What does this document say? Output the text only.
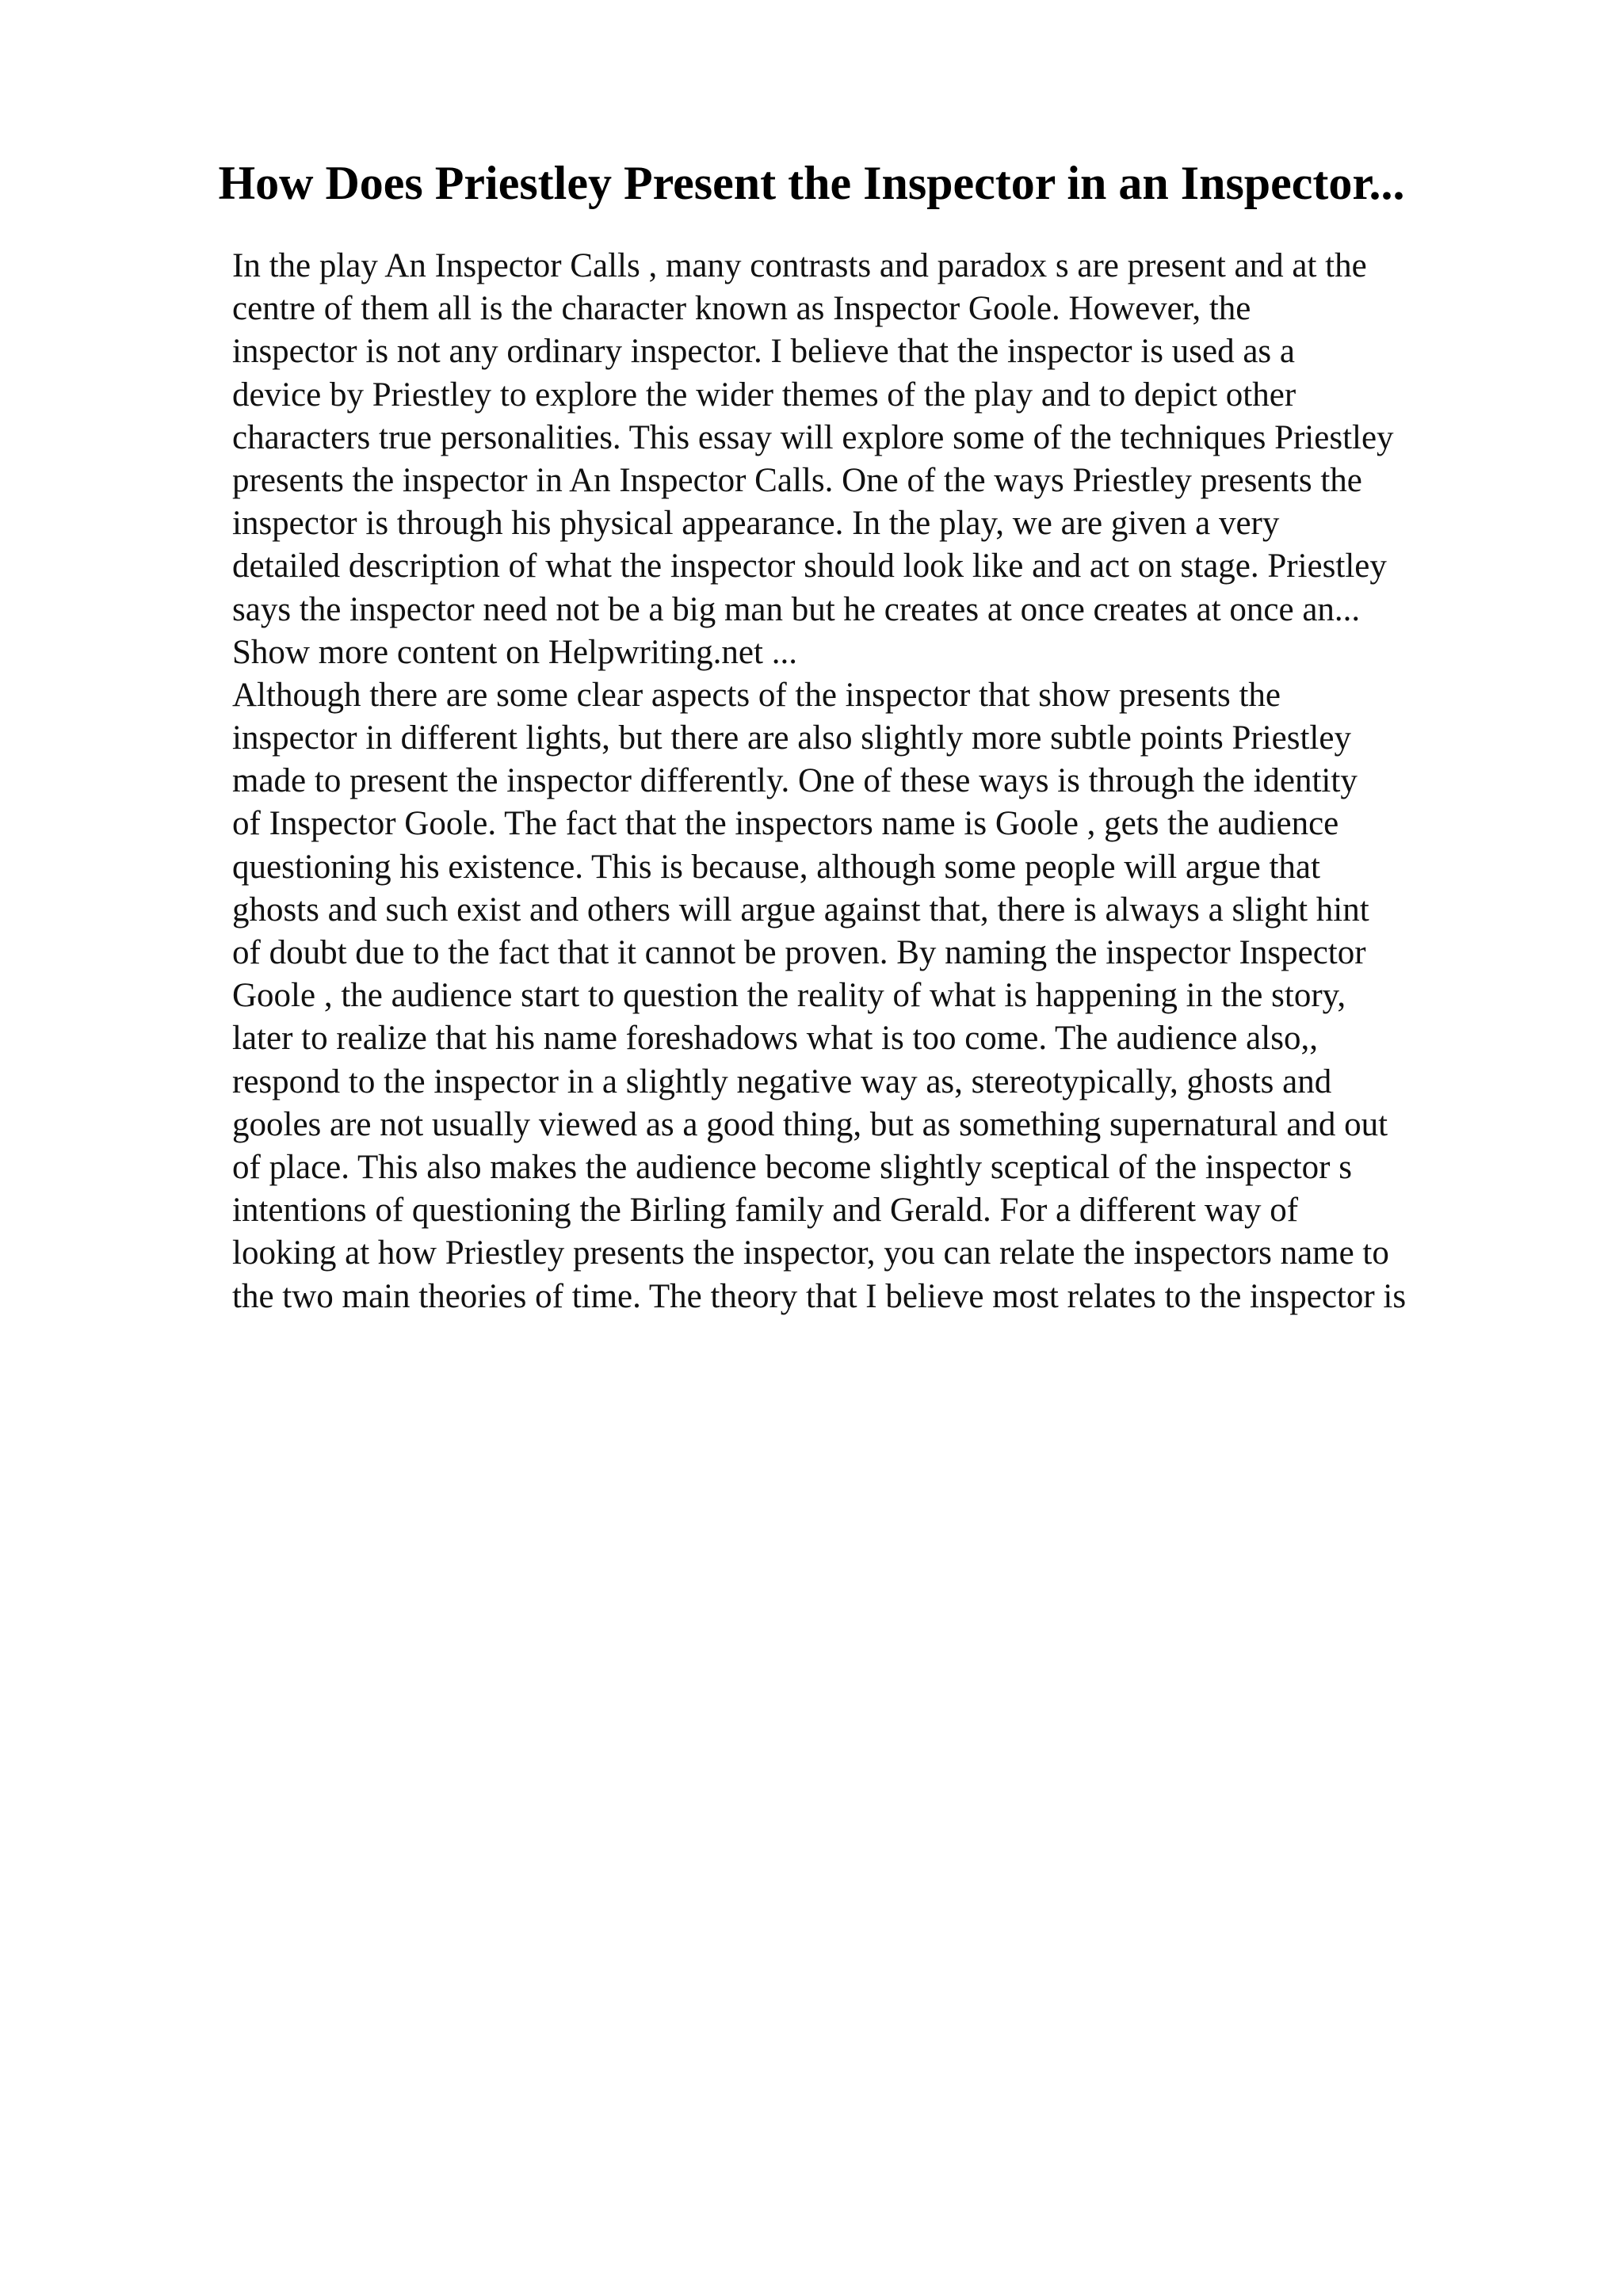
How Does Priestley Present the Inspector in an Inspector...
In the play An Inspector Calls , many contrasts and paradox s are present and at the
centre of them all is the character known as Inspector Goole. However, the
inspector is not any ordinary inspector. I believe that the inspector is used as a
device by Priestley to explore the wider themes of the play and to depict other
characters true personalities. This essay will explore some of the techniques Priestley
presents the inspector in An Inspector Calls. One of the ways Priestley presents the
inspector is through his physical appearance. In the play, we are given a very
detailed description of what the inspector should look like and act on stage. Priestley
says the inspector need not be a big man but he creates at once creates at once an...
Show more content on Helpwriting.net ...
Although there are some clear aspects of the inspector that show presents the
inspector in different lights, but there are also slightly more subtle points Priestley
made to present the inspector differently. One of these ways is through the identity
of Inspector Goole. The fact that the inspectors name is Goole , gets the audience
questioning his existence. This is because, although some people will argue that
ghosts and such exist and others will argue against that, there is always a slight hint
of doubt due to the fact that it cannot be proven. By naming the inspector Inspector
Goole , the audience start to question the reality of what is happening in the story,
later to realize that his name foreshadows what is too come. The audience also,,
respond to the inspector in a slightly negative way as, stereotypically, ghosts and
gooles are not usually viewed as a good thing, but as something supernatural and out
of place. This also makes the audience become slightly sceptical of the inspector s
intentions of questioning the Birling family and Gerald. For a different way of
looking at how Priestley presents the inspector, you can relate the inspectors name to
the two main theories of time. The theory that I believe most relates to the inspector is
